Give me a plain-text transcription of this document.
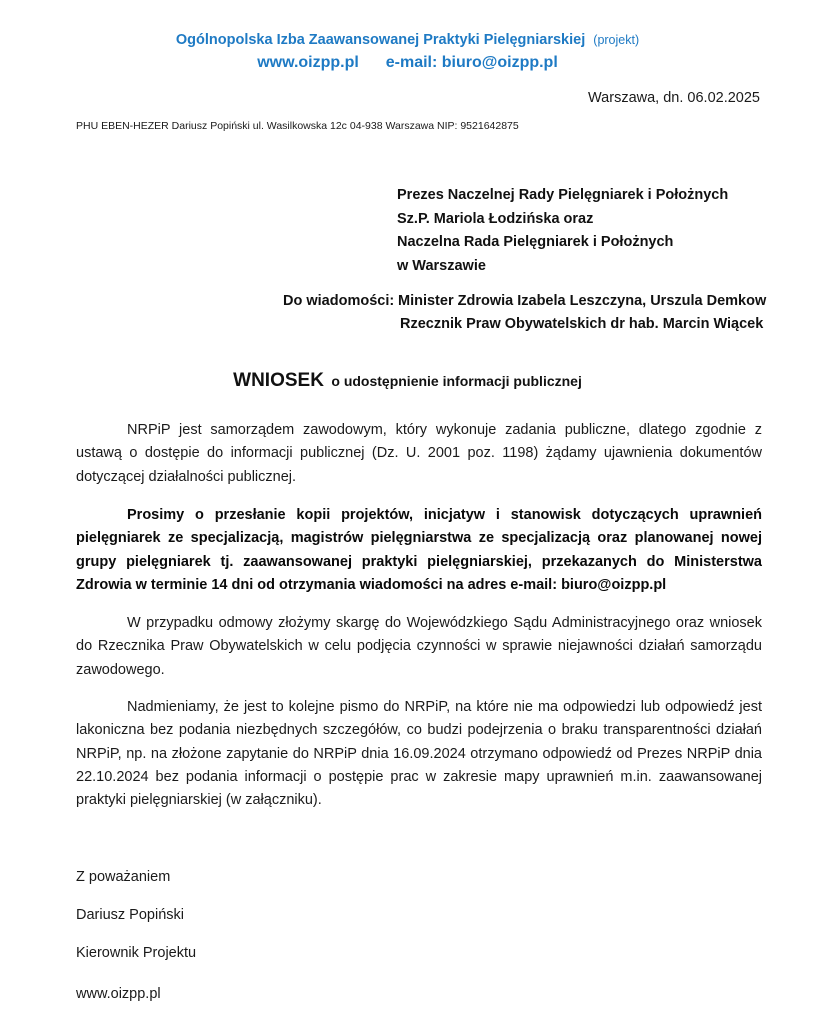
Ogólnopolska Izba Zaawansowanej Praktyki Pielęgniarskiej (projekt)
www.oizpp.pl e-mail: biuro@oizpp.pl
Warszawa, dn. 06.02.2025
PHU EBEN-HEZER Dariusz Popiński ul. Wasilkowska 12c 04-938 Warszawa NIP: 9521642875
Prezes Naczelnej Rady Pielęgniarek i Położnych
Sz.P. Mariola Łodzińska oraz
Naczelna Rada Pielęgniarek i Położnych
w Warszawie
Do wiadomości: Minister Zdrowia Izabela Leszczyna, Urszula Demkow
Rzecznik Praw Obywatelskich dr hab. Marcin Wiącek
WNIOSEK o udostępnienie informacji publicznej
NRPiP jest samorządem zawodowym, który wykonuje zadania publiczne, dlatego zgodnie z ustawą o dostępie do informacji publicznej (Dz. U. 2001 poz. 1198) żądamy ujawnienia dokumentów dotyczącej działalności publicznej.
Prosimy o przesłanie kopii projektów, inicjatyw i stanowisk dotyczących uprawnień pielęgniarek ze specjalizacją, magistrów pielęgniarstwa ze specjalizacją oraz planowanej nowej grupy pielęgniarek tj. zaawansowanej praktyki pielęgniarskiej, przekazanych do Ministerstwa Zdrowia w terminie 14 dni od otrzymania wiadomości na adres e-mail: biuro@oizpp.pl
W przypadku odmowy złożymy skargę do Wojewódzkiego Sądu Administracyjnego oraz wniosek do Rzecznika Praw Obywatelskich w celu podjęcia czynności w sprawie niejawności działań samorządu zawodowego.
Nadmieniamy, że jest to kolejne pismo do NRPiP, na które nie ma odpowiedzi lub odpowiedź jest lakoniczna bez podania niezbędnych szczegółów, co budzi podejrzenia o braku transparentności działań NRPiP, np. na złożone zapytanie do NRPiP dnia 16.09.2024 otrzymano odpowiedź od Prezes NRPiP dnia 22.10.2024 bez podania informacji o postępie prac w zakresie mapy uprawnień m.in. zaawansowanej praktyki pielęgniarskiej (w załączniku).
Z poważaniem
Dariusz Popiński
Kierownik Projektu
www.oizpp.pl
